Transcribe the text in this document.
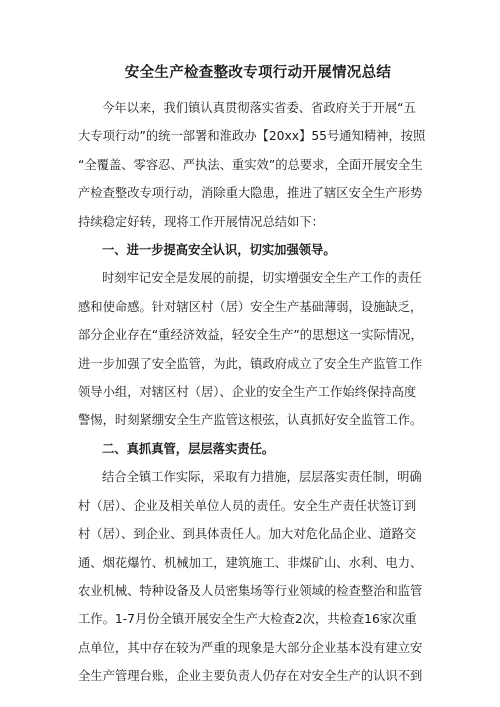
安全生产检查整改专项行动开展情况总结

今年以来，我们镇认真贯彻落实省委、省政府关于开展“五
大专项行动”的统一部署和淮政办【20xx】55号通知精神，按照
“全覆盖、零容忍、严执法、重实效”的总要求，全面开展安全生
产检查整改专项行动，消除重大隐患，推进了辖区安全生产形势
持续稳定好转，现将工作开展情况总结如下：

一、进一步提高安全认识，切实加强领导。

时刻牢记安全是发展的前提，切实增强安全生产工作的责任
感和使命感。针对辖区村（居）安全生产基础薄弱，设施缺乏，
部分企业存在“重经济效益，轻安全生产”的思想这一实际情况，
进一步加强了安全监管，为此，镇政府成立了安全生产监管工作
领导小组，对辖区村（居）、企业的安全生产工作始终保持高度
警惕，时刻紧绷安全生产监管这根弦，认真抓好安全监管工作。

二、真抓真管，层层落实责任。

结合全镇工作实际，采取有力措施，层层落实责任制，明确
村（居）、企业及相关单位人员的责任。安全生产责任状签订到
村（居）、到企业、到具体责任人。加大对危化品企业、道路交
通、烟花爆竹、机械加工，建筑施工、非煤矿山、水利、电力、
农业机械、特种设备及人员密集场等行业领域的检查整治和监管
工作。1-7月份全镇开展安全生产大检查2次，共检查16家次重
点单位，其中存在较为严重的现象是大部分企业基本没有建立安
全生产管理台账，企业主要负责人仍存在对安全生产的认识不到
